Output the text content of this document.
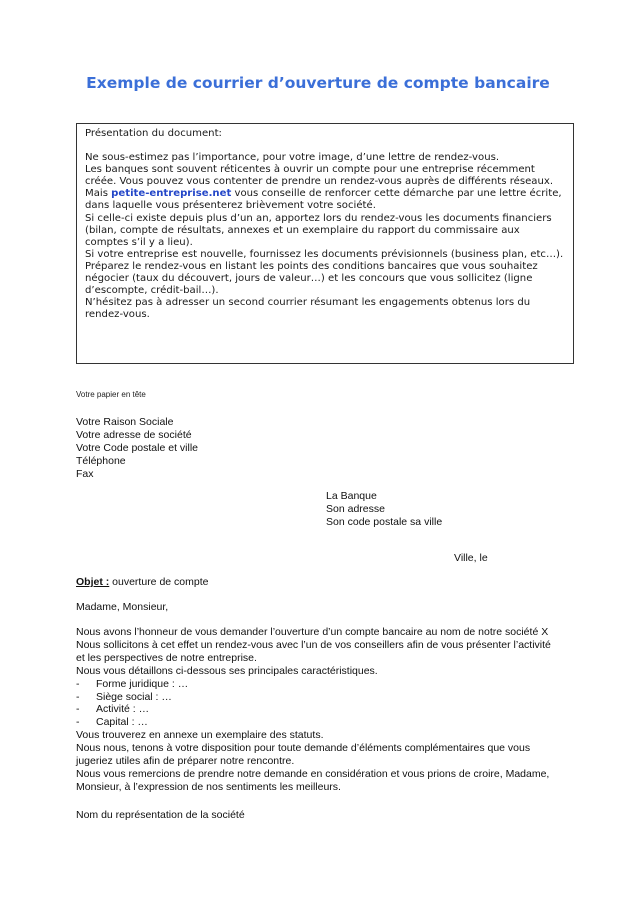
Exemple de courrier d’ouverture de compte bancaire

Présentation du document:

Ne sous-estimez pas l’importance, pour votre image, d’une lettre de rendez-vous.

Les banques sont souvent réticentes à ouvrir un compte pour une entreprise récemment créée. Vous pouvez vous contenter de prendre un rendez-vous auprès de différents réseaux. Mais petite-entreprise.net vous conseille de renforcer cette démarche par une lettre écrite, dans laquelle vous présenterez brièvement votre société.

Si celle-ci existe depuis plus d’un an, apportez lors du rendez-vous les documents financiers (bilan, compte de résultats, annexes et un exemplaire du rapport du commissaire aux comptes s’il y a lieu).

Si votre entreprise est nouvelle, fournissez les documents prévisionnels (business plan, etc…).

Préparez le rendez-vous en listant les points des conditions bancaires que vous souhaitez négocier (taux du découvert, jours de valeur…) et les concours que vous sollicitez (ligne d’escompte, crédit-bail…).

N’hésitez pas à adresser un second courrier résumant les engagements obtenus lors du rendez-vous.

Votre papier en tête
Votre Raison Sociale
Votre adresse de société
Votre Code postale et ville
Téléphone
Fax
La Banque
Son adresse
Son code postale sa ville
Ville, le
Objet : ouverture de compte
Madame, Monsieur,

Nous avons l’honneur de vous demander l’ouverture d’un compte bancaire au nom de notre société X

Nous sollicitons à cet effet un rendez-vous avec l’un de vos conseillers afin de vous présenter l’activité et les perspectives de notre entreprise.

Nous vous détaillons ci-dessous ses principales caractéristiques.

- Forme juridique : …

- Siège social : …

- Activité : …

- Capital : …

Vous trouverez en annexe un exemplaire des statuts.

Nous nous, tenons à votre disposition pour toute demande d’éléments complémentaires que vous jugeriez utiles afin de préparer notre rencontre.

Nous vous remercions de prendre notre demande en considération et vous prions de croire, Madame, Monsieur, à l’expression de nos sentiments les meilleurs.

Nom du représentation de la société
